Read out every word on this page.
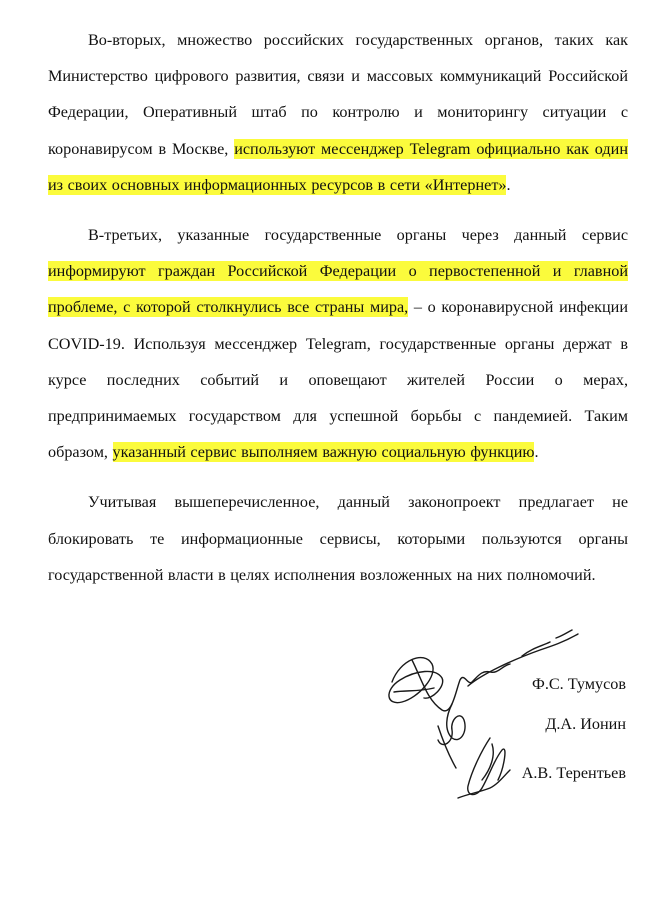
Во-вторых, множество российских государственных органов, таких как Министерство цифрового развития, связи и массовых коммуникаций Российской Федерации, Оперативный штаб по контролю и мониторингу ситуации с коронавирусом в Москве, используют мессенджер Telegram официально как один из своих основных информационных ресурсов в сети «Интернет».

В-третьих, указанные государственные органы через данный сервис информируют граждан Российской Федерации о первостепенной и главной проблеме, с которой столкнулись все страны мира, – о коронавирусной инфекции COVID-19. Используя мессенджер Telegram, государственные органы держат в курсе последних событий и оповещают жителей России о мерах, предпринимаемых государством для успешной борьбы с пандемией. Таким образом, указанный сервис выполняем важную социальную функцию.

Учитывая вышеперечисленное, данный законопроект предлагает не блокировать те информационные сервисы, которыми пользуются органы государственной власти в целях исполнения возложенных на них полномочий.

Ф.С. Тумусов

Д.А. Ионин

А.В. Терентьев
